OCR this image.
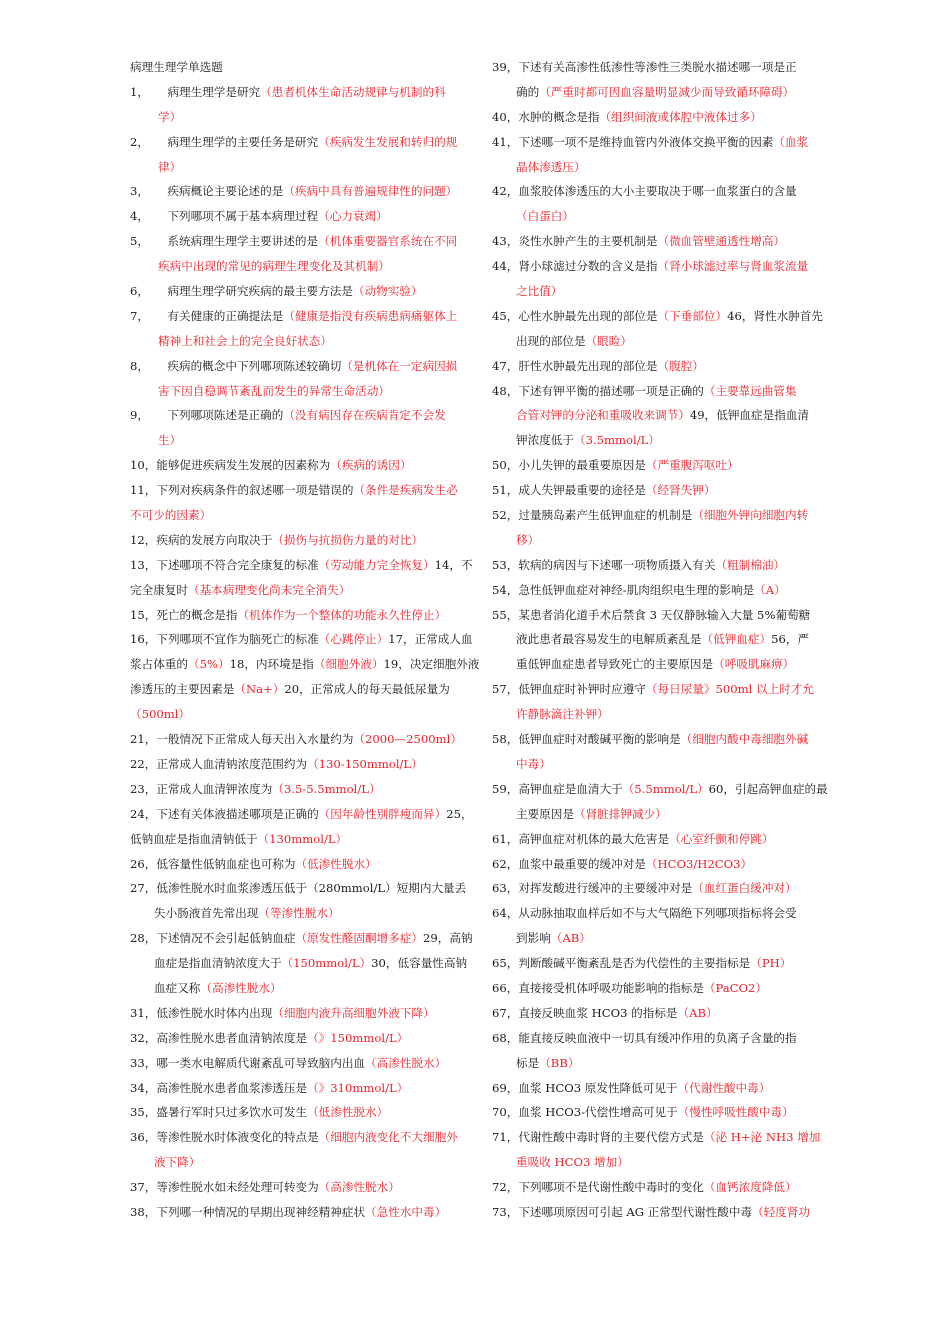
病理生理学单选题
1，     病理生理学是研究（患者机体生命活动规律与机制的科
学）
2，     病理生理学的主要任务是研究（疾病发生发展和转归的规
律）
3，     疾病概论主要论述的是（疾病中具有普遍规律性的问题）
4，     下列哪项不属于基本病理过程（心力衰竭）
5，     系统病理生理学主要讲述的是（机体重要器官系统在不同
疾病中出现的常见的病理生理变化及其机制）
6，     病理生理学研究疾病的最主要方法是（动物实验）
7，     有关健康的正确提法是（健康是指没有疾病患病痛躯体上
精神上和社会上的完全良好状态）
8，     疾病的概念中下列哪项陈述较确切（是机体在一定病因损
害下因自稳调节紊乱而发生的异常生命活动）
9，     下列哪项陈述是正确的（没有病因存在疾病肯定不会发
生）
10，能够促进疾病发生发展的因素称为（疾病的诱因）
11，下列对疾病条件的叙述哪一项是错误的（条件是疾病发生必
不可少的因素）
12，疾病的发展方向取决于（损伤与抗损伤力量的对比）
13，下述哪项不符合完全康复的标准（劳动能力完全恢复）14，不
完全康复时（基本病理变化尚未完全消失）
15，死亡的概念是指（机体作为一个整体的功能永久性停止）
16，下列哪项不宜作为脑死亡的标准（心跳停止）17，正常成人血
浆占体重的（5%）18，内环境是指（细胞外液）19，决定细胞外液
渗透压的主要因素是（Na+）20，正常成人的每天最低尿量为
（500ml）
21，一般情况下正常成人每天出入水量约为（2000—2500ml）
22，正常成人血清钠浓度范围约为（130-150mmol/L）
23，正常成人血清钾浓度为（3.5-5.5mmol/L）
24，下述有关体液描述哪项是正确的（因年龄性别胖瘦而异）25，
低钠血症是指血清钠低于（130mmol/L）
26，低容量性低钠血症也可称为（低渗性脱水）
27，低渗性脱水时血浆渗透压低于（280mmol/L）短期内大量丢
失小肠液首先常出现（等渗性脱水）
28，下述情况不会引起低钠血症（原发性醛固酮增多症）29，高钠
血症是指血清钠浓度大于（150mmol/L）30，低容量性高钠
血症又称（高渗性脱水）
31，低渗性脱水时体内出现（细胞内液升高细胞外液下降）
32，高渗性脱水患者血清钠浓度是（》150mmol/L）
33，哪一类水电解质代谢紊乱可导致脑内出血（高渗性脱水）
34，高渗性脱水患者血浆渗透压是（》310mmol/L）
35，盛暑行军时只过多饮水可发生（低渗性脱水）
36，等渗性脱水时体液变化的特点是（细胞内液变化不大细胞外
液下降）
37，等渗性脱水如未经处理可转变为（高渗性脱水）
38，下列哪一种情况的早期出现神经精神症状（急性水中毒）
39，下述有关高渗性低渗性等渗性三类脱水描述哪一项是正
确的（严重时都可因血容量明显减少而导致循环障碍）
40，水肿的概念是指（组织间液或体腔中液体过多）
41，下述哪一项不是维持血管内外液体交换平衡的因素（血浆
晶体渗透压）
42，血浆胶体渗透压的大小主要取决于哪一血浆蛋白的含量
（白蛋白）
43，炎性水肿产生的主要机制是（微血管壁通透性增高）
44，肾小球滤过分数的含义是指（肾小球滤过率与肾血浆流量
之比值）
45，心性水肿最先出现的部位是（下垂部位）46，肾性水肿首先
出现的部位是（眼睑）
47，肝性水肿最先出现的部位是（腹腔）
48，下述有钾平衡的描述哪一项是正确的（主要靠远曲管集
合管对钾的分泌和重吸收来调节）49，低钾血症是指血清
钾浓度低于（3.5mmol/L）
50，小儿失钾的最重要原因是（严重腹泻呕吐）
51，成人失钾最重要的途径是（经肾失钾）
52，过量胰岛素产生低钾血症的机制是（细胞外钾向细胞内转
移）
53，软病的病因与下述哪一项物质摄入有关（粗制棉油）
54，急性低钾血症对神经-肌肉组织电生理的影响是（A）
55，某患者消化道手术后禁食 3 天仅静脉输入大量 5%葡萄糖
液此患者最容易发生的电解质紊乱是（低钾血症）56，严
重低钾血症患者导致死亡的主要原因是（呼吸肌麻痹）
57，低钾血症时补钾时应遵守（每日尿量》500ml 以上时才允
许静脉滴注补钾）
58，低钾血症时对酸碱平衡的影响是（细胞内酸中毒细胞外碱
中毒）
59，高钾血症是血清大于（5.5mmol/L）60，引起高钾血症的最
主要原因是（肾脏排钾减少）
61，高钾血症对机体的最大危害是（心室纤颤和停跳）
62，血浆中最重要的缓冲对是（HCO3/H2CO3）
63，对挥发酸进行缓冲的主要缓冲对是（血红蛋白缓冲对）
64，从动脉抽取血样后如不与大气隔绝下列哪项指标将会受
到影响（AB）
65，判断酸碱平衡紊乱是否为代偿性的主要指标是（PH）
66，直接接受机体呼吸功能影响的指标是（PaCO2）
67，直接反映血浆 HCO3 的指标是（AB）
68，能直接反映血液中一切具有缓冲作用的负离子含量的指
标是（BB）
69，血浆 HCO3 原发性降低可见于（代谢性酸中毒）
70，血浆 HCO3-代偿性增高可见于（慢性呼吸性酸中毒）
71，代谢性酸中毒时肾的主要代偿方式是（泌 H+泌 NH3 增加
重吸收 HCO3 增加）
72，下列哪项不是代谢性酸中毒时的变化（血钙浓度降低）
73，下述哪项原因可引起 AG 正常型代谢性酸中毒（轻度肾功
